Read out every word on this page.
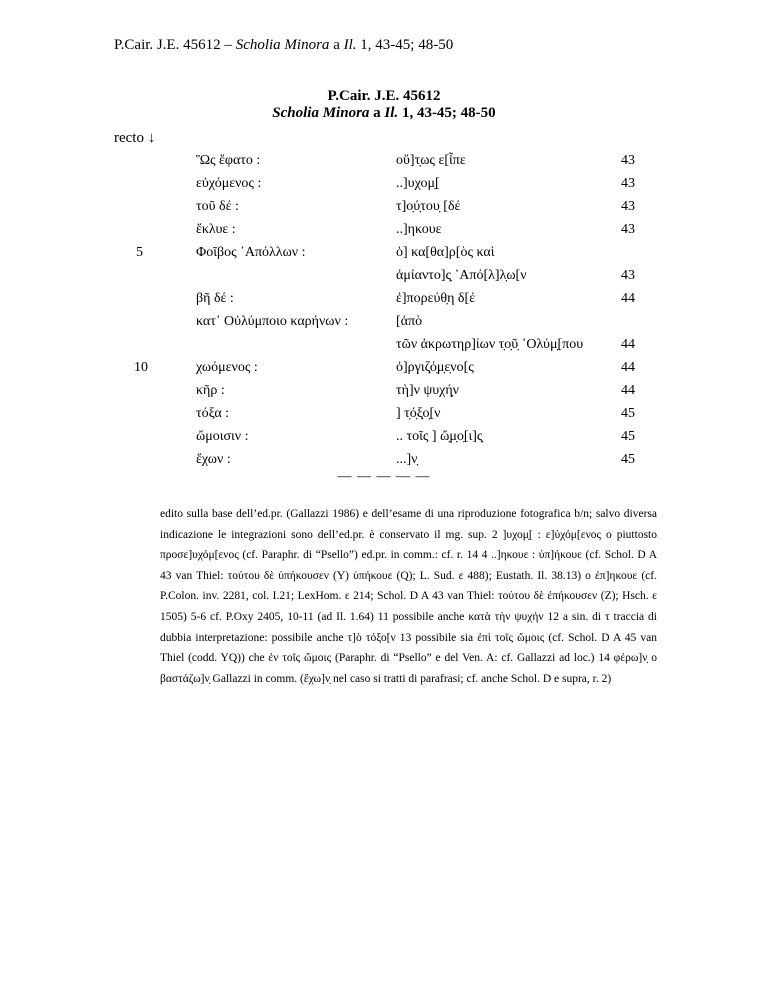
P.Cair. J.E. 45612 – Scholia Minora a Il. 1, 43-45; 48-50
P.Cair. J.E. 45612
Scholia Minora a Il. 1, 43-45; 48-50
recto ↓
Ὣς ἔφατο :	οὕ]τ̣ως ε[ἶπε	43
εὐχόμενος :	..]υχομ̣[	43
τοῦ δέ :	τ]ο̣ύ̣του̣ [δέ	43
ἔκλυε :	..]ηκουε	43
5	Φοῖβος ᾿Απόλλων :	ὁ] κα[θα]ρ[ὸς καὶ
ἀμίαντο]ς̣ ᾿Από[λ]λ̣ω[ν	43
βῆ δέ :	ἐ]πορεύθ̣η δ[έ	44
κατ᾿ Οὐλύμποιο καρήνων :	[ἀπὸ
τῶν ἀκρωτηρ]ίων τ̣ο̣ῦ̣ ᾿Ολύμ̣[που	44
10	χωόμενος :	ὀ]ργιζ̣ό̣μ̣ε̣νο[ς	44
κῆρ :	τὴ]ν ψυχή̣ν	44
τόξα :	] τ̣ό̣ξ̣ο̣[ν	45
ὤμοισιν :	.. τοῖς ] ὤ̣μ̣ο̣[ι]ς̣	45
ἔχων :	...]ν̣	45
— — — — —

edito sulla base dell’ed.pr. (Gallazzi 1986) e dell’esame di una riproduzione fotografica b/n; salvo diversa indicazione le integrazioni sono dell’ed.pr. è conservato il mg. sup. 2 ]υχομ̣[ : ε]ὐχόμ[ενος o piuttosto προσε]υχόμ[ενος (cf. Paraphr. di “Psello”) ed.pr. in comm.: cf. r. 14 4 ..]ηκουε : ὑπ]ήκουε (cf. Schol. D A 43 van Thiel: τούτου δὲ ὑπήκουσεν (Y) ὑπήκουε (Q); L. Sud. ε 488); Eustath. Il. 38.13) o ἐπ]ηκουε (cf. P.Colon. inv. 2281, col. I.21; LexHom. ε 214; Schol. D A 43 van Thiel: τούτου δὲ ἐπήκουσεν (Z); Hsch. ε 1505) 5-6 cf. P.Oxy 2405, 10-11 (ad Il. 1.64) 11 possibile anche κατὰ τὴν ψυχήν 12 a sin. di τ traccia di dubbia interpretazione: possibile anche τ]ὸ τόξο[ν 13 possibile sia ἐπὶ τοῖς ὤμοις (cf. Schol. D A 45 van Thiel (codd. YQ)) che ἐν τοῖς ὤμοις (Paraphr. di “Psello” e del Ven. A: cf. Gallazzi ad loc.) 14 φέρω]ν̣ o βαστάζω]ν̣ Gallazzi in comm. (ἔχω]ν̣ nel caso si tratti di parafrasi; cf. anche Schol. D e supra, r. 2)
